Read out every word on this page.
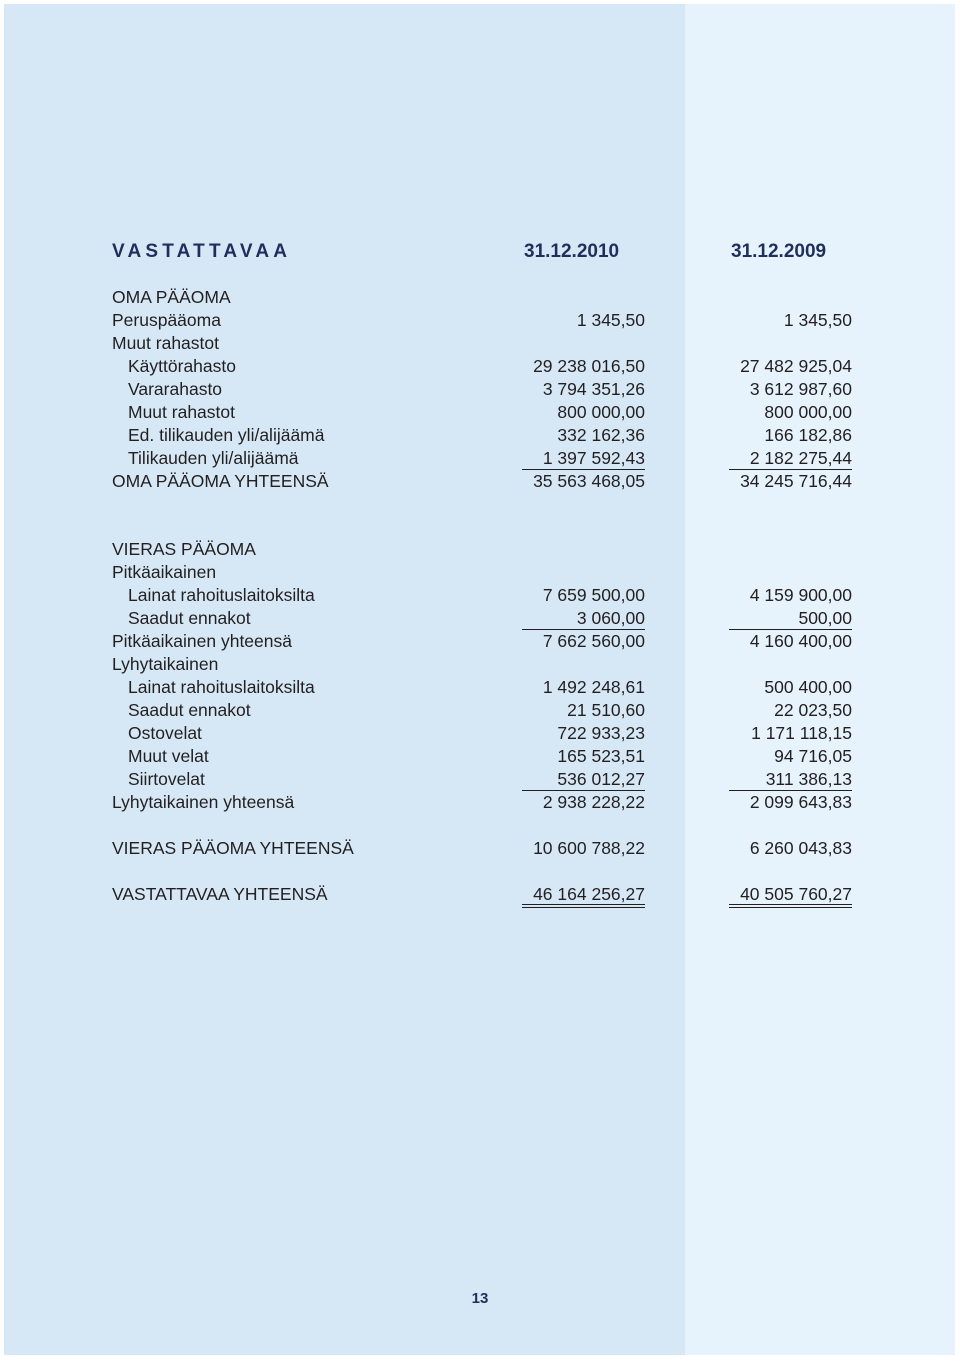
VASTATTAVAA	31.12.2010	31.12.2009
OMA PÄÄOMA
Peruspääoma	1 345,50	1 345,50
Muut rahastot
Käyttörahasto	29 238 016,50	27 482 925,04
Vararahasto	3 794 351,26	3 612 987,60
Muut rahastot	800 000,00	800 000,00
Ed. tilikauden yli/alijäämä	332 162,36	166 182,86
Tilikauden yli/alijäämä	1 397 592,43	2 182 275,44
OMA PÄÄOMA YHTEENSÄ	35 563 468,05	34 245 716,44
VIERAS PÄÄOMA
Pitkäaikainen
Lainat rahoituslaitoksilta	7 659 500,00	4 159 900,00
Saadut ennakot	3 060,00	500,00
Pitkäaikainen yhteensä	7 662 560,00	4 160 400,00
Lyhytaikainen
Lainat rahoituslaitoksilta	1 492 248,61	500 400,00
Saadut ennakot	21 510,60	22 023,50
Ostovelat	722 933,23	1 171 118,15
Muut velat	165 523,51	94 716,05
Siirtovelat	536 012,27	311 386,13
Lyhytaikainen yhteensä	2 938 228,22	2 099 643,83
VIERAS PÄÄOMA YHTEENSÄ	10 600 788,22	6 260 043,83
VASTATTAVAA YHTEENSÄ	46 164 256,27	40 505 760,27
13
